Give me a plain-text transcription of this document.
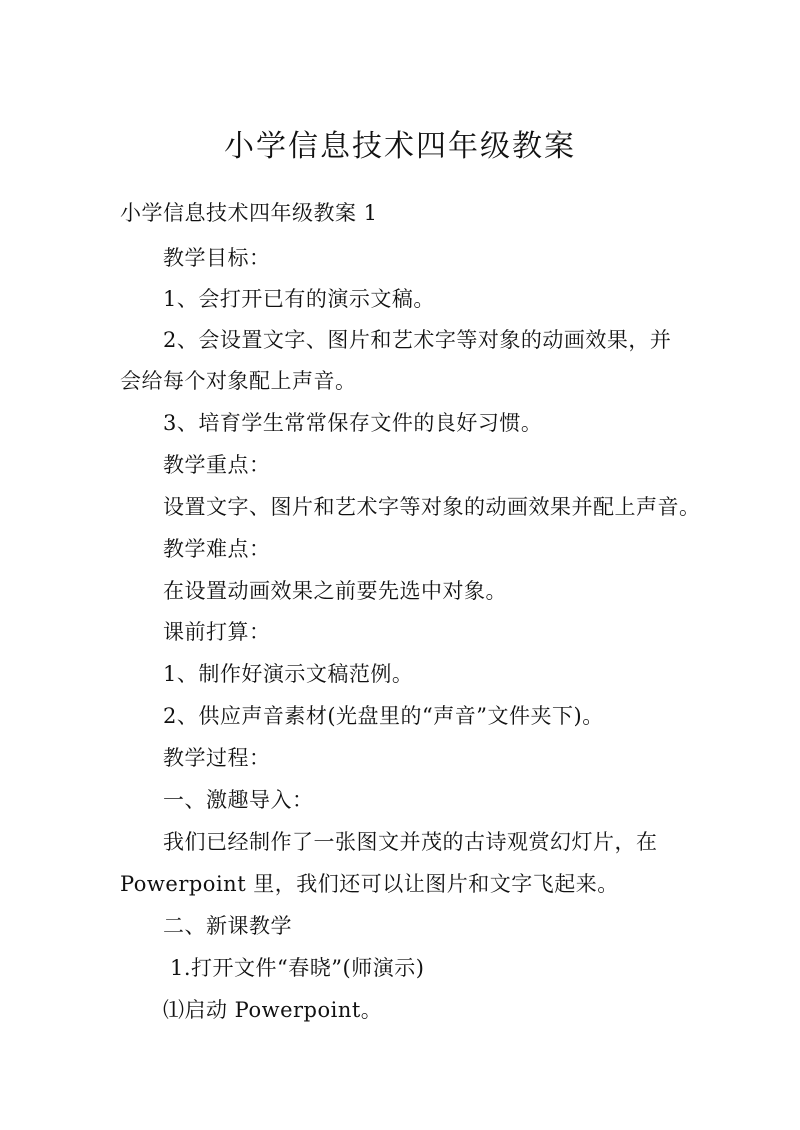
小学信息技术四年级教案
小学信息技术四年级教案 1
教学目标：
1、会打开已有的演示文稿。
2、会设置文字、图片和艺术字等对象的动画效果，并
会给每个对象配上声音。
3、培育学生常常保存文件的良好习惯。
教学重点：
设置文字、图片和艺术字等对象的动画效果并配上声音。
教学难点：
在设置动画效果之前要先选中对象。
课前打算：
1、制作好演示文稿范例。
2、供应声音素材(光盘里的“声音”文件夹下)。
教学过程：
一、激趣导入：
我们已经制作了一张图文并茂的古诗观赏幻灯片，在
Powerpoint 里，我们还可以让图片和文字飞起来。
二、新课教学
1.打开文件“春晓”(师演示)
⑴启动 Powerpoint。
